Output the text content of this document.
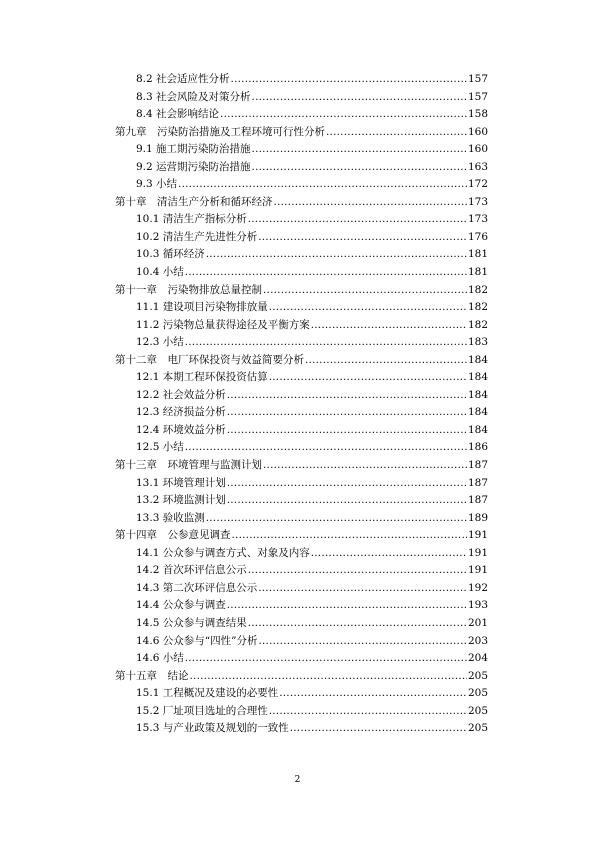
8.2 社会适应性分析 .....	157
8.3 社会风险及对策分析 .....	157
8.4 社会影响结论 .....	158
第九章　污染防治措施及工程环境可行性分析 .....	160
9.1 施工期污染防治措施 .....	160
9.2 运营期污染防治措施 .....	163
9.3 小结 .....	172
第十章　清洁生产分析和循环经济 .....	173
10.1 清洁生产指标分析 .....	173
10.2 清洁生产先进性分析 .....	176
10.3 循环经济 .....	181
10.4 小结 .....	181
第十一章　污染物排放总量控制 .....	182
11.1 建设项目污染物排放量 .....	182
11.2 污染物总量获得途径及平衡方案 .....	182
12.3 小结 .....	183
第十二章　电厂环保投资与效益简要分析 .....	184
12.1 本期工程环保投资估算 .....	184
12.2 社会效益分析 .....	184
12.3 经济损益分析 .....	184
12.4 环境效益分析 .....	184
12.5 小结 .....	186
第十三章　环境管理与监测计划 .....	187
13.1 环境管理计划 .....	187
13.2 环境监测计划 .....	187
13.3 验收监测 .....	189
第十四章　公参意见调查 .....	191
14.1 公众参与调查方式、对象及内容 .....	191
14.2 首次环评信息公示 .....	191
14.3 第二次环评信息公示 .....	192
14.4 公众参与调查 .....	193
14.5 公众参与调查结果 .....	201
14.6 公众参与“四性”分析 .....	203
14.6 小结 .....	204
第十五章　结论 .....	205
15.1 工程概况及建设的必要性 .....	205
15.2 厂址项目选址的合理性 .....	205
15.3 与产业政策及规划的一致性 .....	205
2
